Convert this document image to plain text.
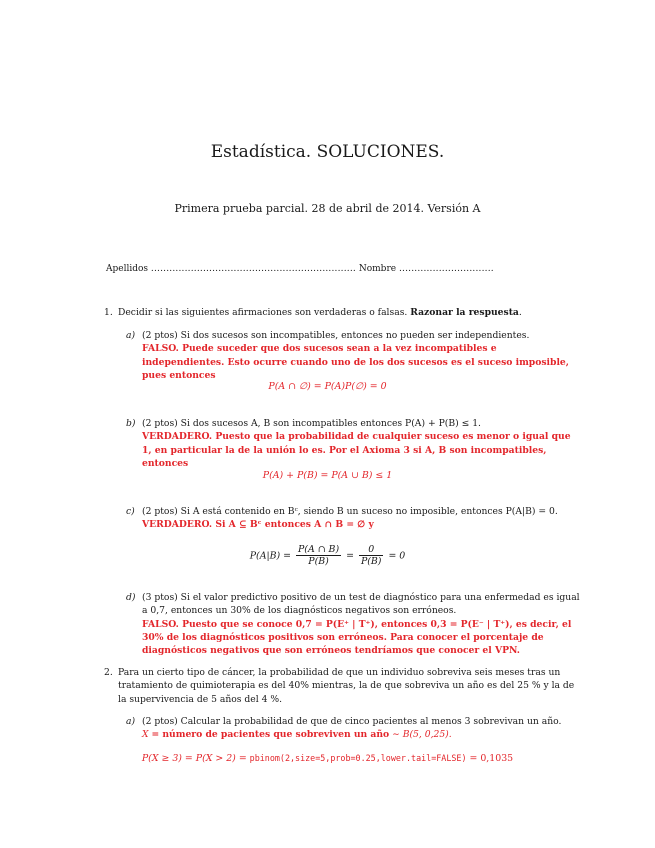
Estadística. SOLUCIONES.
Primera prueba parcial. 28 de abril de 2014. Versión A
Apellidos ................................................................... Nombre ...............................
1. Decidir si las siguientes afirmaciones son verdaderas o falsas. Razonar la respuesta.
a) (2 ptos) Si dos sucesos son incompatibles, entonces no pueden ser independientes.
FALSO. Puede suceder que dos sucesos sean a la vez incompatibles e independientes. Esto ocurre cuando uno de los dos sucesos es el suceso imposible, pues entonces
P(A ∩ ∅) = P(A)P(∅) = 0
b) (2 ptos) Si dos sucesos A, B son incompatibles entonces P(A) + P(B) ≤ 1.
VERDADERO. Puesto que la probabilidad de cualquier suceso es menor o igual que 1, en particular la de la unión lo es. Por el Axioma 3 si A, B son incompatibles, entonces
P(A) + P(B) = P(A ∪ B) ≤ 1
c) (2 ptos) Si A está contenido en Bᶜ, siendo B un suceso no imposible, entonces P(A|B) = 0.
VERDADERO. Si A ⊆ Bᶜ entonces A ∩ B = ∅ y
$P(A|B) = \frac{P(A \cap B)}{P(B)} = \frac{0}{P(B)} = 0$
d) (3 ptos) Si el valor predictivo positivo de un test de diagnóstico para una enfermedad es igual a 0,7, entonces un 30% de los diagnósticos negativos son erróneos.
FALSO. Puesto que se conoce 0,7 = P(E⁺ | T⁺), entonces 0,3 = P(E⁻ | T⁺), es decir, el 30% de los diagnósticos positivos son erróneos. Para conocer el porcentaje de diagnósticos negativos que son erróneos tendríamos que conocer el VPN.
2. Para un cierto tipo de cáncer, la probabilidad de que un individuo sobreviva seis meses tras un tratamiento de quimioterapia es del 40% mientras, la de que sobreviva un año es del 25 % y la de la supervivencia de 5 años del 4 %.
a) (2 ptos) Calcular la probabilidad de que de cinco pacientes al menos 3 sobrevivan un año.
X = número de pacientes que sobreviven un año ∼ B(5, 0,25).
P(X ≥ 3) = P(X > 2) = pbinom(2,size=5,prob=0.25,lower.tail=FALSE) = 0,1035
